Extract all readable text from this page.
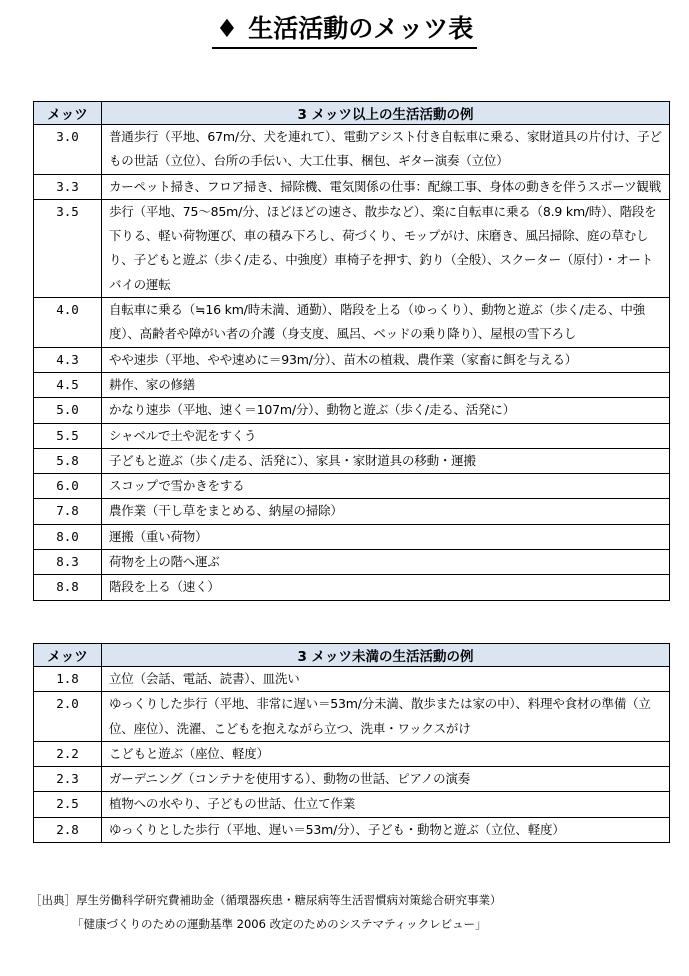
♦ 生活活動のメッツ表
メッツ	3 メッツ以上の生活活動の例
3.0	普通歩行（平地、67m/分、犬を連れて）、電動アシスト付き自転車に乗る、家財道具の片付け、子どもの世話（立位）、台所の手伝い、大工仕事、梱包、ギター演奏（立位）
3.3	カーペット掃き、フロア掃き、掃除機、電気関係の仕事：配線工事、身体の動きを伴うスポーツ観戦
3.5	歩行（平地、75～85m/分、ほどほどの速さ、散歩など）、楽に自転車に乗る（8.9 km/時）、階段を下りる、軽い荷物運び、車の積み下ろし、荷づくり、モップがけ、床磨き、風呂掃除、庭の草むしり、子どもと遊ぶ（歩く/走る、中強度）車椅子を押す、釣り（全般）、スクーター（原付）・オートバイの運転
4.0	自転車に乗る（≒16 km/時未満、通勤）、階段を上る（ゆっくり）、動物と遊ぶ（歩く/走る、中強度）、高齢者や障がい者の介護（身支度、風呂、ベッドの乗り降り）、屋根の雪下ろし
4.3	やや速歩（平地、やや速めに＝93m/分）、苗木の植栽、農作業（家畜に餌を与える）
4.5	耕作、家の修繕
5.0	かなり速歩（平地、速く＝107m/分）、動物と遊ぶ（歩く/走る、活発に）
5.5	シャベルで土や泥をすくう
5.8	子どもと遊ぶ（歩く/走る、活発に）、家具・家財道具の移動・運搬
6.0	スコップで雪かきをする
7.8	農作業（干し草をまとめる、納屋の掃除）
8.0	運搬（重い荷物）
8.3	荷物を上の階へ運ぶ
8.8	階段を上る（速く）
メッツ	3 メッツ未満の生活活動の例
1.8	立位（会話、電話、読書）、皿洗い
2.0	ゆっくりした歩行（平地、非常に遅い＝53m/分未満、散歩または家の中）、料理や食材の準備（立位、座位）、洗濯、こどもを抱えながら立つ、洗車・ワックスがけ
2.2	こどもと遊ぶ（座位、軽度）
2.3	ガーデニング（コンテナを使用する）、動物の世話、ピアノの演奏
2.5	植物への水やり、子どもの世話、仕立て作業
2.8	ゆっくりとした歩行（平地、遅い＝53m/分）、子ども・動物と遊ぶ（立位、軽度）
［出典］厚生労働科学研究費補助金（循環器疾患・糖尿病等生活習慣病対策総合研究事業）
「健康づくりのための運動基準 2006 改定のためのシステマティックレビュー」
